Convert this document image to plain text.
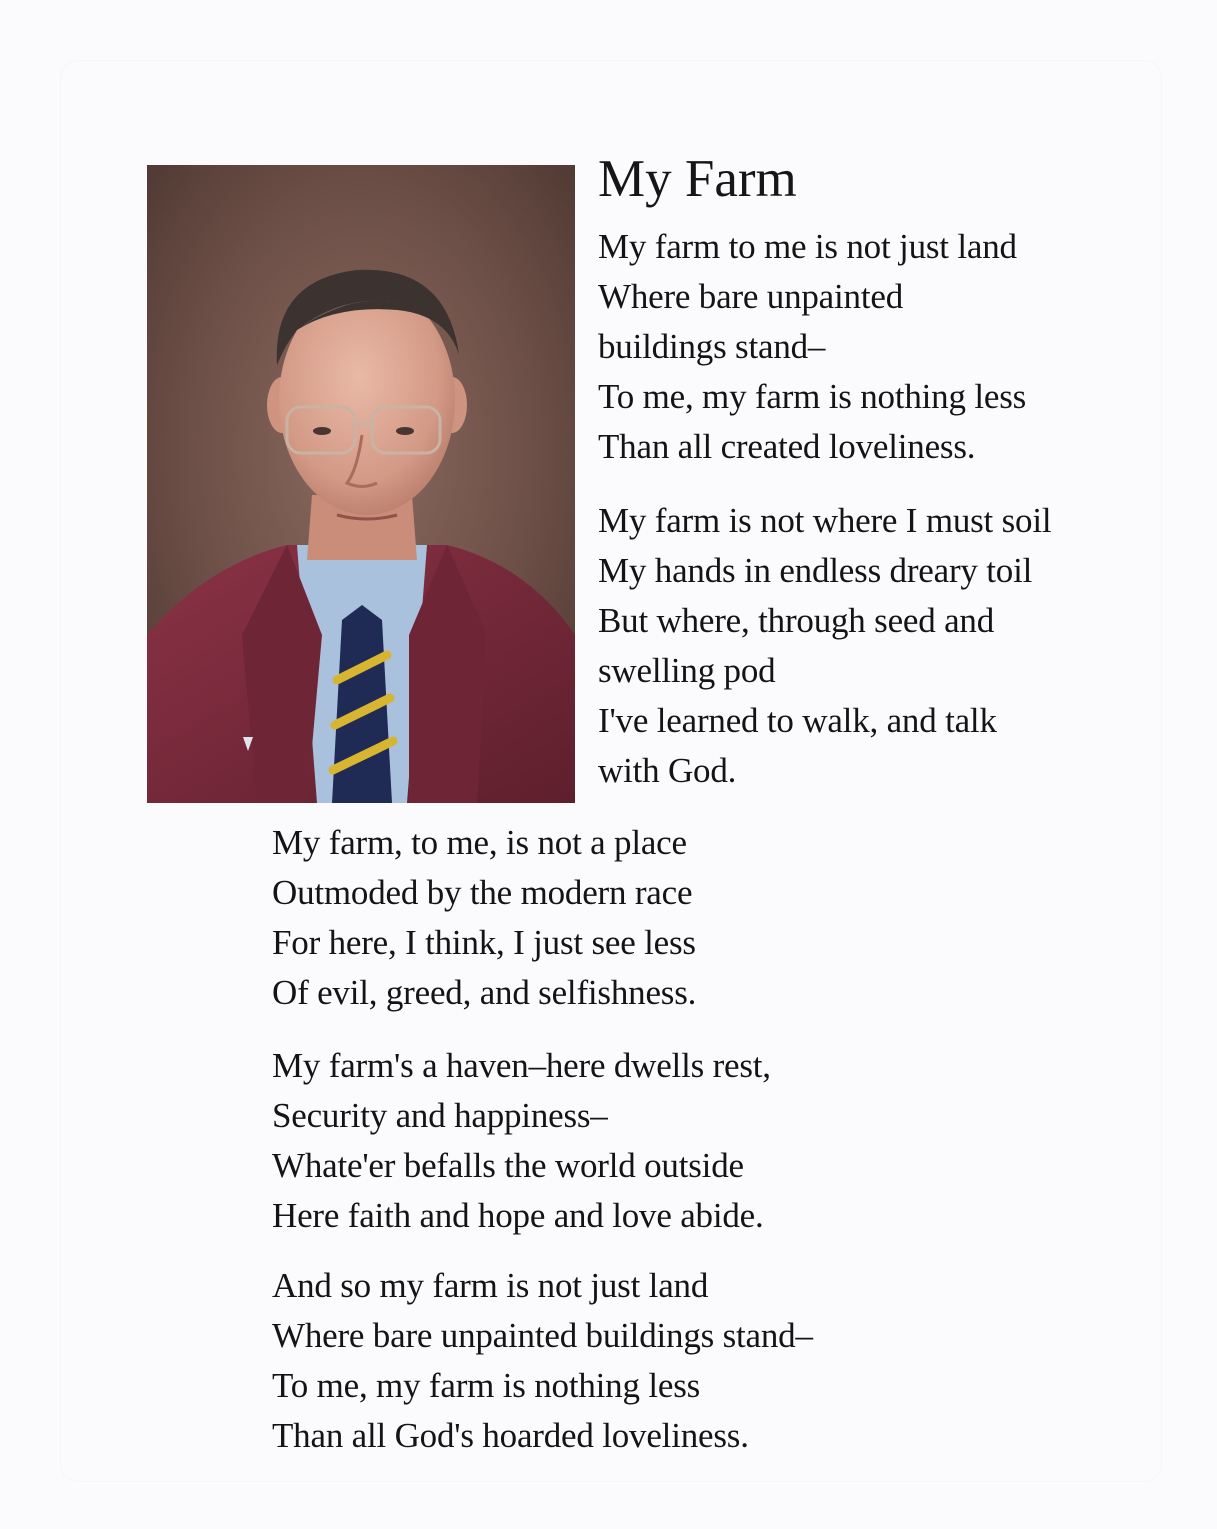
My Farm
My farm to me is not just land
Where bare unpainted
buildings stand–
To me, my farm is nothing less
Than all created loveliness.
My farm is not where I must soil
My hands in endless dreary toil
But where, through seed and
swelling pod
I've learned to walk, and talk
with God.
My farm, to me, is not a place
Outmoded by the modern race
For here, I think, I just see less
Of evil, greed, and selfishness.
My farm's a haven–here dwells rest,
Security and happiness–
Whate'er befalls the world outside
Here faith and hope and love abide.
And so my farm is not just land
Where bare unpainted buildings stand–
To me, my farm is nothing less
Than all God's hoarded loveliness.
